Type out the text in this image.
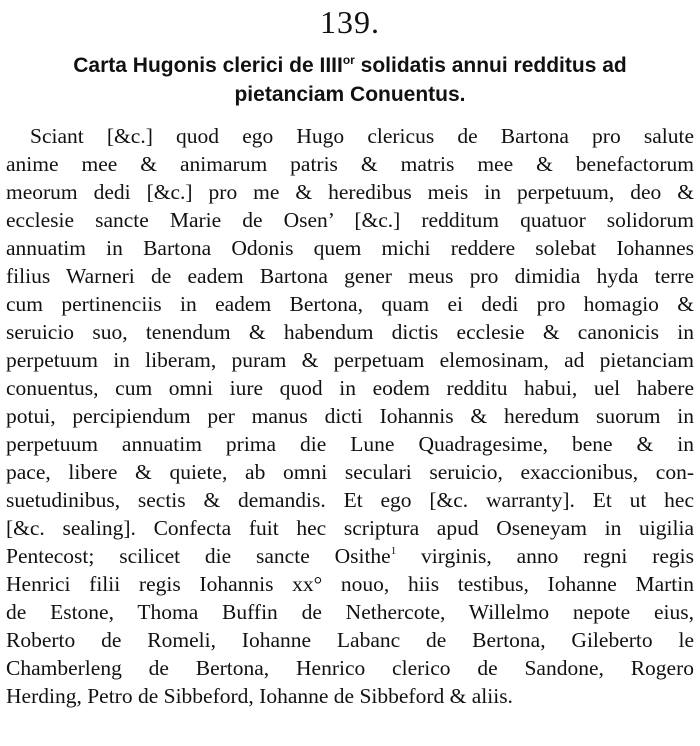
139.
Carta Hugonis clerici de $IIII^{or}$ solidatis annui redditus ad
pietanciam Conuentus.
Sciant [&c.] quod ego Hugo clericus de Bartona pro salute
anime mee & animarum patris & matris mee & benefactorum
meorum dedi [&c.] pro me & heredibus meis in perpetuum, deo &
ecclesie sancte Marie de Osen’ [&c.] redditum quatuor solidorum
annuatim in Bartona Odonis quem michi reddere solebat Iohannes
filius Warneri de eadem Bartona gener meus pro dimidia hyda terre
cum pertinenciis in eadem Bertona, quam ei dedi pro homagio &
seruicio suo, tenendum & habendum dictis ecclesie & canonicis in
perpetuum in liberam, puram & perpetuam elemosinam, ad pietanciam
conuentus, cum omni iure quod in eodem redditu habui, uel habere
potui, percipiendum per manus dicti Iohannis & heredum suorum in
perpetuum annuatim prima die Lune Quadragesime, bene & in
pace, libere & quiete, ab omni seculari seruicio, exaccionibus, con-
suetudinibus, sectis & demandis. Et ego [&c. warranty]. Et ut hec
[&c. sealing]. Confecta fuit hec scriptura apud Oseneyam in uigilia
Pentecost; scilicet die sancte Osithe$^1$ virginis, anno regni regis
Henrici filii regis Iohannis xx° nouo, hiis testibus, Iohanne Martin
de Estone, Thoma Buffin de Nethercote, Willelmo nepote eius,
Roberto de Romeli, Iohanne Labanc de Bertona, Gileberto le
Chamberleng de Bertona, Henrico clerico de Sandone, Rogero
Herding, Petro de Sibbeford, Iohanne de Sibbeford & aliis.
